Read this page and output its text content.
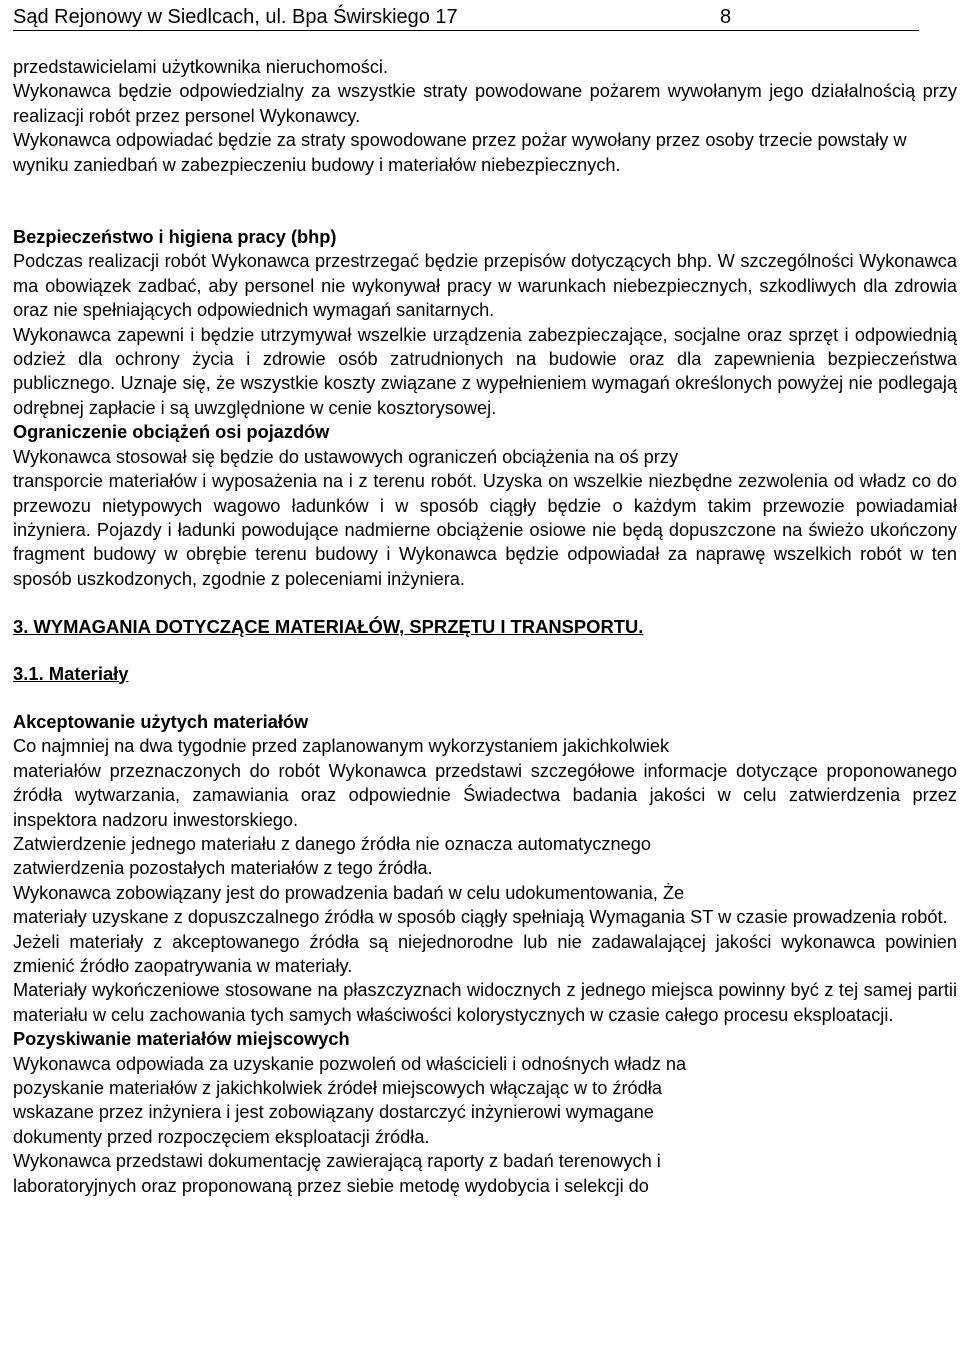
Sąd Rejonowy w Siedlcach, ul. Bpa Świrskiego 17	8

przedstawicielami użytkownika nieruchomości.

Wykonawca będzie odpowiedzialny za wszystkie straty powodowane pożarem wywołanym jego działalnością przy realizacji robót przez personel Wykonawcy.

Wykonawca odpowiadać będzie za straty spowodowane przez pożar wywołany przez osoby trzecie powstały w wyniku zaniedbań w zabezpieczeniu budowy i materiałów niebezpiecznych.

Bezpieczeństwo i higiena pracy (bhp)

Podczas realizacji robót Wykonawca przestrzegać będzie przepisów dotyczących bhp. W szczególności Wykonawca ma obowiązek zadbać, aby personel nie wykonywał pracy w warunkach niebezpiecznych, szkodliwych dla zdrowia oraz nie spełniających odpowiednich wymagań sanitarnych.

Wykonawca zapewni i będzie utrzymywał wszelkie urządzenia zabezpieczające, socjalne oraz sprzęt i odpowiednią odzież dla ochrony życia i zdrowie osób zatrudnionych na budowie oraz dla zapewnienia bezpieczeństwa publicznego. Uznaje się, że wszystkie koszty związane z wypełnieniem wymagań określonych powyżej nie podlegają odrębnej zapłacie i są uwzględnione w cenie kosztorysowej.

Ograniczenie obciążeń osi pojazdów

Wykonawca stosował się będzie do ustawowych ograniczeń obciążenia na oś przy

transporcie materiałów i wyposażenia na i z terenu robót. Uzyska on wszelkie niezbędne zezwolenia od władz co do przewozu nietypowych wagowo ładunków i w sposób ciągły będzie o każdym takim przewozie powiadamiał inżyniera. Pojazdy i ładunki powodujące nadmierne obciążenie osiowe nie będą dopuszczone na świeżo ukończony fragment budowy w obrębie terenu budowy i Wykonawca będzie odpowiadał za naprawę wszelkich robót w ten sposób uszkodzonych, zgodnie z poleceniami inżyniera.

3. WYMAGANIA DOTYCZĄCE MATERIAŁÓW, SPRZĘTU I TRANSPORTU.

3.1. Materiały

Akceptowanie użytych materiałów

Co najmniej na dwa tygodnie przed zaplanowanym wykorzystaniem jakichkolwiek

materiałów przeznaczonych do robót Wykonawca przedstawi szczegółowe informacje dotyczące proponowanego źródła wytwarzania, zamawiania oraz odpowiednie Świadectwa badania jakości w celu zatwierdzenia przez inspektora nadzoru inwestorskiego.

Zatwierdzenie jednego materiału z danego źródła nie oznacza automatycznego

zatwierdzenia pozostałych materiałów z tego źródła.

Wykonawca zobowiązany jest do prowadzenia badań w celu udokumentowania, Że

materiały uzyskane z dopuszczalnego źródła w sposób ciągły spełniają Wymagania ST w czasie prowadzenia robót.

Jeżeli materiały z akceptowanego źródła są niejednorodne lub nie zadawalającej jakości wykonawca powinien zmienić źródło zaopatrywania w materiały.

Materiały wykończeniowe stosowane na płaszczyznach widocznych z jednego miejsca powinny być z tej samej partii materiału w celu zachowania tych samych właściwości kolorystycznych w czasie całego procesu eksploatacji.

Pozyskiwanie materiałów miejscowych

Wykonawca odpowiada za uzyskanie pozwoleń od właścicieli i odnośnych władz na

pozyskanie materiałów z jakichkolwiek źródeł miejscowych włączając w to źródła

wskazane przez inżyniera i jest zobowiązany dostarczyć inżynierowi wymagane

dokumenty przed rozpoczęciem eksploatacji źródła.

Wykonawca przedstawi dokumentację zawierającą raporty z badań terenowych i

laboratoryjnych oraz proponowaną przez siebie metodę wydobycia i selekcji do
